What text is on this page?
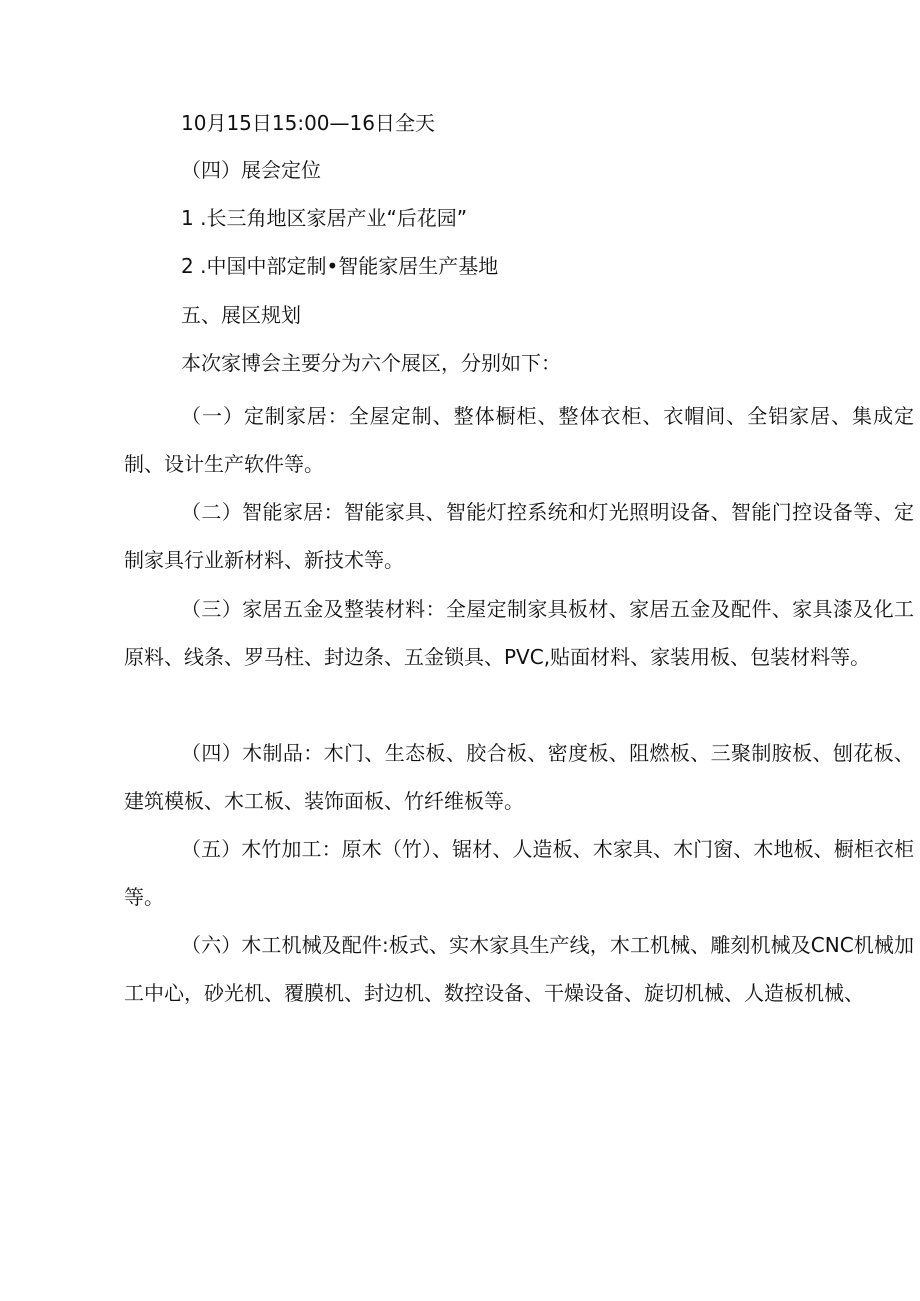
10月15日15:00—16日全天
（四）展会定位
1 .长三角地区家居产业“后花园”
2 .中国中部定制•智能家居生产基地
五、展区规划
本次家博会主要分为六个展区，分别如下：
（一）定制家居：全屋定制、整体橱柜、整体衣柜、衣帽间、全铝家居、集成定制、设计生产软件等。
（二）智能家居：智能家具、智能灯控系统和灯光照明设备、智能门控设备等、定制家具行业新材料、新技术等。
（三）家居五金及整装材料：全屋定制家具板材、家居五金及配件、家具漆及化工原料、线条、罗马柱、封边条、五金锁具、PVC,贴面材料、家装用板、包装材料等。
（四）木制品：木门、生态板、胶合板、密度板、阻燃板、三聚制胺板、刨花板、建筑模板、木工板、装饰面板、竹纤维板等。
（五）木竹加工：原木（竹）、锯材、人造板、木家具、木门窗、木地板、橱柜衣柜等。
（六）木工机械及配件:板式、实木家具生产线，木工机械、雕刻机械及CNC机械加工中心，砂光机、覆膜机、封边机、数控设备、干燥设备、旋切机械、人造板机械、
